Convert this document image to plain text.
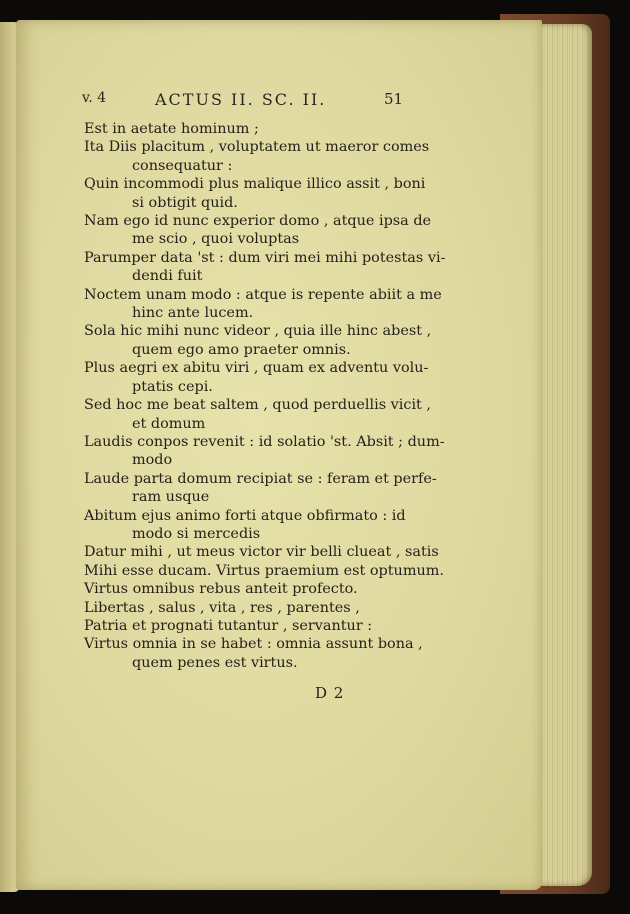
v. 4	ACTUS II. SC. II.	51
Est in aetate hominum ;
Ita Diis placitum , voluptatem ut maeror comes
consequatur :
Quin incommodi plus malique illico assit , boni
si obtigit quid.
Nam ego id nunc experior domo , atque ipsa de
me scio , quoi voluptas
Parumper data 'st : dum viri mei mihi potestas vi-
dendi fuit
Noctem unam modo : atque is repente abiit a me
hinc ante lucem.
Sola hic mihi nunc videor , quia ille hinc abest ,
quem ego amo praeter omnis.
Plus aegri ex abitu viri , quam ex adventu volu-
ptatis cepi.
Sed hoc me beat saltem , quod perduellis vicit ,
et domum
Laudis conpos revenit : id solatio 'st. Absit ; dum-
modo
Laude parta domum recipiat se : feram et perfe-
ram usque
Abitum ejus animo forti atque obfirmato : id
modo si mercedis
Datur mihi , ut meus victor vir belli clueat , satis
Mihi esse ducam. Virtus praemium est optumum.
Virtus omnibus rebus anteit profecto.
Libertas , salus , vita , res , parentes ,
Patria et prognati tutantur , servantur :
Virtus omnia in se habet : omnia assunt bona ,
quem penes est virtus.
D 2
